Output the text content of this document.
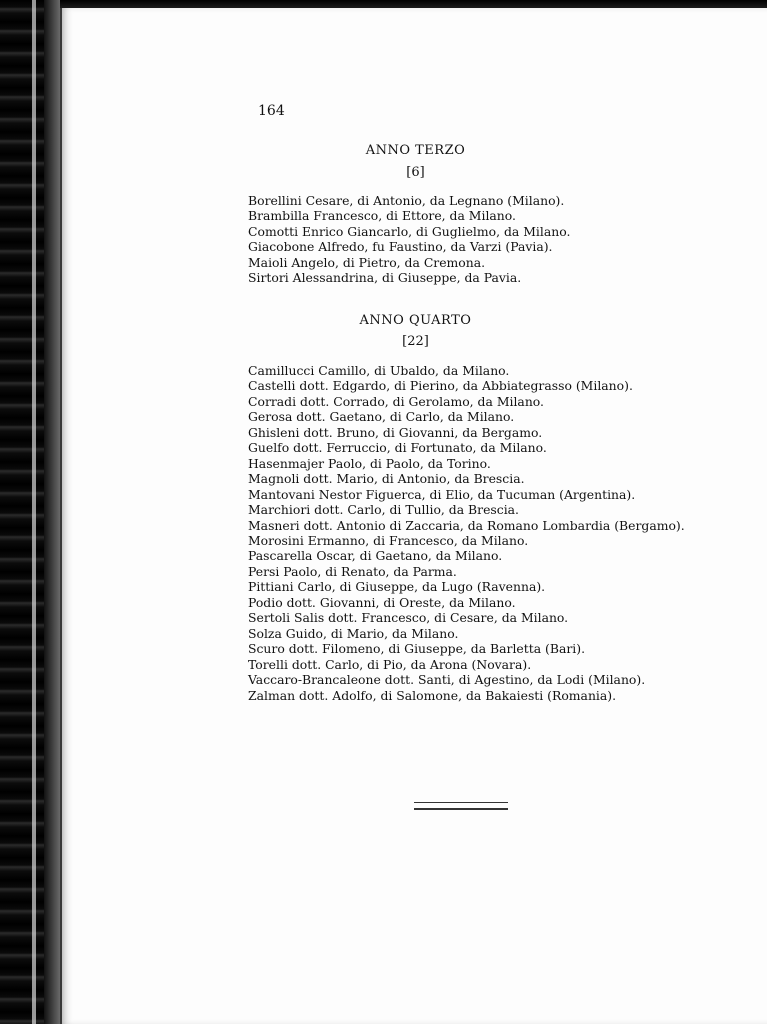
164
ANNO TERZO
[6]
Borellini Cesare, di Antonio, da Legnano (Milano).
Brambilla Francesco, di Ettore, da Milano.
Comotti Enrico Giancarlo, di Guglielmo, da Milano.
Giacobone Alfredo, fu Faustino, da Varzi (Pavia).
Maioli Angelo, di Pietro, da Cremona.
Sirtori Alessandrina, di Giuseppe, da Pavia.
ANNO QUARTO
[22]
Camillucci Camillo, di Ubaldo, da Milano.
Castelli dott. Edgardo, di Pierino, da Abbiategrasso (Milano).
Corradi dott. Corrado, di Gerolamo, da Milano.
Gerosa dott. Gaetano, di Carlo, da Milano.
Ghisleni dott. Bruno, di Giovanni, da Bergamo.
Guelfo dott. Ferruccio, di Fortunato, da Milano.
Hasenmajer Paolo, di Paolo, da Torino.
Magnoli dott. Mario, di Antonio, da Brescia.
Mantovani Nestor Figuerca, di Elio, da Tucuman (Argentina).
Marchiori dott. Carlo, di Tullio, da Brescia.
Masneri dott. Antonio di Zaccaria, da Romano Lombardia (Bergamo).
Morosini Ermanno, di Francesco, da Milano.
Pascarella Oscar, di Gaetano, da Milano.
Persi Paolo, di Renato, da Parma.
Pittiani Carlo, di Giuseppe, da Lugo (Ravenna).
Podio dott. Giovanni, di Oreste, da Milano.
Sertoli Salis dott. Francesco, di Cesare, da Milano.
Solza Guido, di Mario, da Milano.
Scuro dott. Filomeno, di Giuseppe, da Barletta (Bari).
Torelli dott. Carlo, di Pio, da Arona (Novara).
Vaccaro-Brancaleone dott. Santi, di Agestino, da Lodi (Milano).
Zalman dott. Adolfo, di Salomone, da Bakaiesti (Romania).
